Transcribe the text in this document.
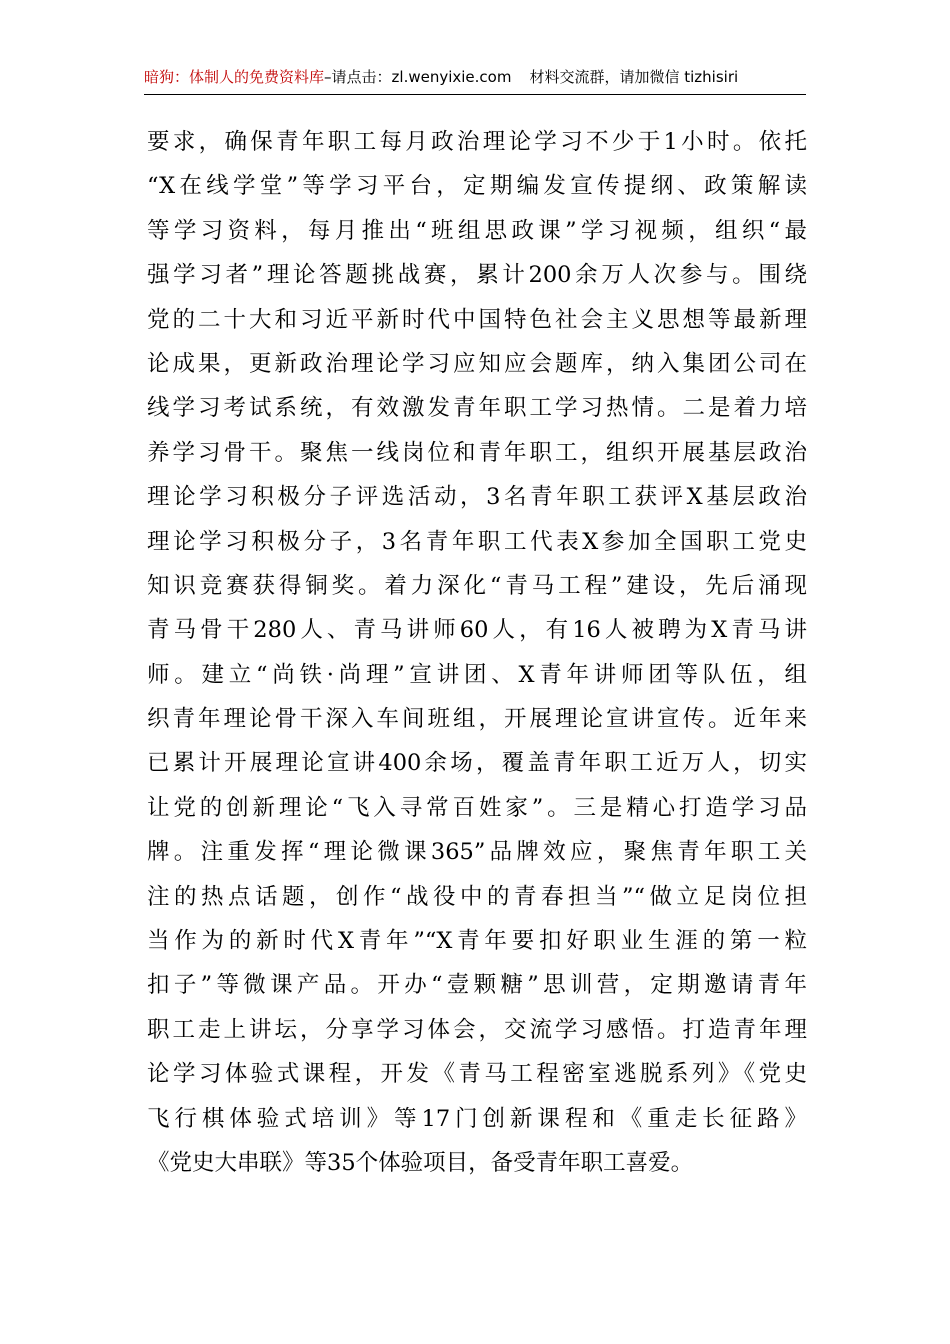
暗狗：体制人的免费资料库–请点击：zl.wenyixie.com 材料交流群，请加微信 tizhisiri
要求，确保青年职工每月政治理论学习不少于1小时。依托
“X在线学堂”等学习平台，定期编发宣传提纲、政策解读
等学习资料，每月推出“班组思政课”学习视频，组织“最
强学习者”理论答题挑战赛，累计200余万人次参与。围绕
党的二十大和习近平新时代中国特色社会主义思想等最新理
论成果，更新政治理论学习应知应会题库，纳入集团公司在
线学习考试系统，有效激发青年职工学习热情。二是着力培
养学习骨干。聚焦一线岗位和青年职工，组织开展基层政治
理论学习积极分子评选活动，3名青年职工获评X基层政治
理论学习积极分子，3名青年职工代表X参加全国职工党史
知识竞赛获得铜奖。着力深化“青马工程”建设，先后涌现
青马骨干280人、青马讲师60人，有16人被聘为X青马讲
师。建立“尚铁·尚理”宣讲团、X青年讲师团等队伍，组
织青年理论骨干深入车间班组，开展理论宣讲宣传。近年来
已累计开展理论宣讲400余场，覆盖青年职工近万人，切实
让党的创新理论“飞入寻常百姓家”。三是精心打造学习品
牌。注重发挥“理论微课365”品牌效应，聚焦青年职工关
注的热点话题，创作“战役中的青春担当”“做立足岗位担
当作为的新时代X青年”“X青年要扣好职业生涯的第一粒
扣子”等微课产品。开办“壹颗糖”思训营，定期邀请青年
职工走上讲坛，分享学习体会，交流学习感悟。打造青年理
论学习体验式课程，开发《青马工程密室逃脱系列》《党史
飞行棋体验式培训》等17门创新课程和《重走长征路》
《党史大串联》等35个体验项目，备受青年职工喜爱。
